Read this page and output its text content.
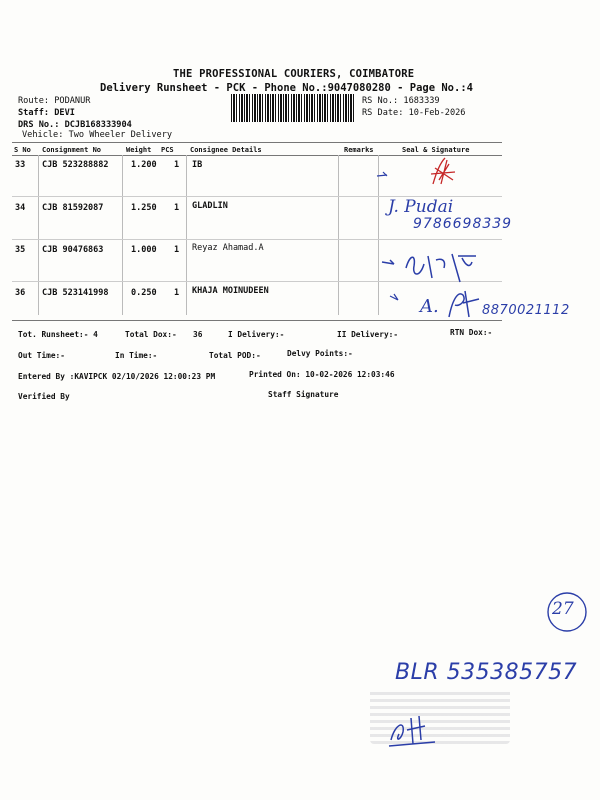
THE PROFESSIONAL COURIERS, COIMBATORE
Delivery Runsheet - PCK - Phone No.:9047080280 - Page No.:4
Route: PODANUR
Staff: DEVI
DRS No.: DCJB168333904
Vehicle: Two Wheeler Delivery
RS No.: 1683339
RS Date: 10-Feb-2026
S No Consignment No	Weight PCS Consignee Details	Remarks	Seal & Signature
33 CJB 523288882	1.200 1 IB
34 CJB 81592087	1.250 1 GLADLIN
35 CJB 90476863	1.000 1 Reyaz Ahamad.A
36 CJB 523141998	0.250 1 KHAJA MOINUDEEN
Tot. Runsheet:- 4	Total Dox:- 36	I Delivery:-	II Delivery:-	RTN Dox:-
Out Time:-	In Time:-	Total POD:-	Delvy Points:-
Entered By :KAVIPCK 02/10/2026 12:00:23 PM	Printed On: 10-02-2026 12:03:46
Verified By	Staff Signature
J. Pudai
9786698339
A.	8870021112
27
BLR 535385757
